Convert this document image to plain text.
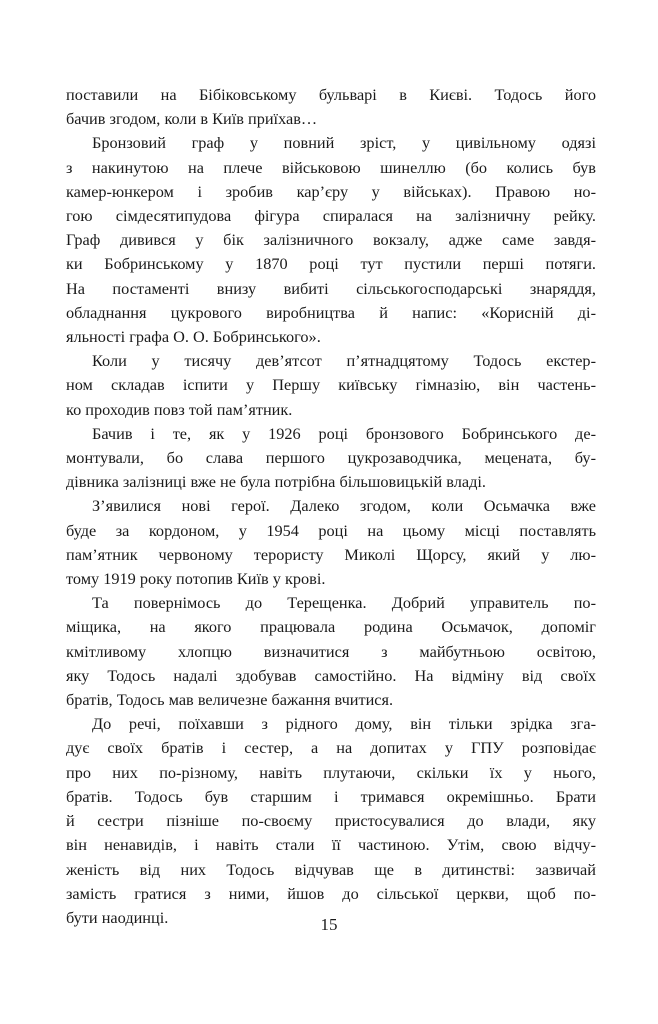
поставили на Бібіковському бульварі в Києві. Тодось його
бачив згодом, коли в Київ приїхав…
Бронзовий граф у повний зріст, у цивільному одязі
з накинутою на плече військовою шинеллю (бо колись був
камер-юнкером і зробив кар’єру у військах). Правою но-
гою сімдесятипудова фігура спиралася на залізничну рейку.
Граф дивився у бік залізничного вокзалу, адже саме завдя-
ки Бобринському у 1870 році тут пустили перші потяги.
На постаменті внизу вибиті сільськогосподарські знаряддя,
обладнання цукрового виробництва й напис: «Корисній ді-
яльності графа О. О. Бобринського».
Коли у тисячу дев’ятсот п’ятнадцятому Тодось екстер-
ном складав іспити у Першу київську гімназію, він частень-
ко проходив повз той пам’ятник.
Бачив і те, як у 1926 році бронзового Бобринського де-
монтували, бо слава першого цукрозаводчика, мецената, бу-
дівника залізниці вже не була потрібна більшовицькій владі.
З’явилися нові герої. Далеко згодом, коли Осьмачка вже
буде за кордоном, у 1954 році на цьому місці поставлять
пам’ятник червоному терористу Миколі Щорсу, який у лю-
тому 1919 року потопив Київ у крові.
Та повернімось до Терещенка. Добрий управитель по-
міщика, на якого працювала родина Осьмачок, допоміг
кмітливому хлопцю визначитися з майбутньою освітою,
яку Тодось надалі здобував самостійно. На відміну від своїх
братів, Тодось мав величезне бажання вчитися.
До речі, поїхавши з рідного дому, він тільки зрідка зга-
дує своїх братів і сестер, а на допитах у ГПУ розповідає
про них по-різному, навіть плутаючи, скільки їх у нього,
братів. Тодось був старшим і тримався окремішньо. Брати
й сестри пізніше по-своєму пристосувалися до влади, яку
він ненавидів, і навіть стали її частиною. Утім, свою відчу-
женість від них Тодось відчував ще в дитинстві: зазвичай
замість гратися з ними, йшов до сільської церкви, щоб по-
бути наодинці.	15
